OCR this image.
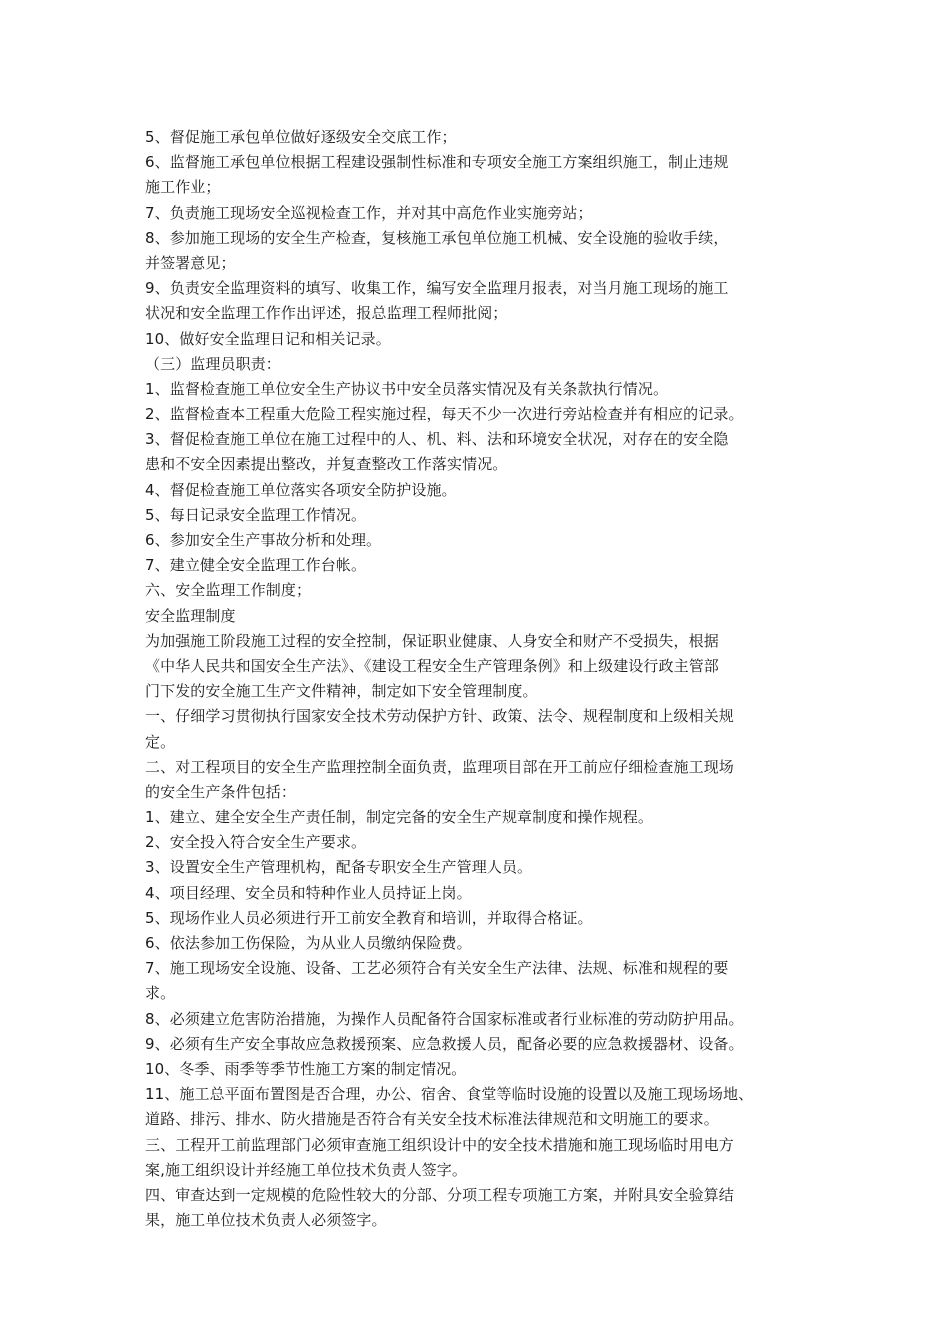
5、督促施工承包单位做好逐级安全交底工作；
6、监督施工承包单位根据工程建设强制性标准和专项安全施工方案组织施工，制止违规
施工作业；
7、负责施工现场安全巡视检查工作，并对其中高危作业实施旁站；
8、参加施工现场的安全生产检查，复核施工承包单位施工机械、安全设施的验收手续，
并签署意见；
9、负责安全监理资料的填写、收集工作，编写安全监理月报表，对当月施工现场的施工
状况和安全监理工作作出评述，报总监理工程师批阅；
10、做好安全监理日记和相关记录。
（三）监理员职责：
1、监督检查施工单位安全生产协议书中安全员落实情况及有关条款执行情况。
2、监督检查本工程重大危险工程实施过程，每天不少一次进行旁站检查并有相应的记录。
3、督促检查施工单位在施工过程中的人、机、料、法和环境安全状况，对存在的安全隐
患和不安全因素提出整改，并复查整改工作落实情况。
4、督促检查施工单位落实各项安全防护设施。
5、每日记录安全监理工作情况。
6、参加安全生产事故分析和处理。
7、建立健全安全监理工作台帐。
六、安全监理工作制度；
安全监理制度
为加强施工阶段施工过程的安全控制，保证职业健康、人身安全和财产不受损失，根据
《中华人民共和国安全生产法》、《建设工程安全生产管理条例》和上级建设行政主管部
门下发的安全施工生产文件精神，制定如下安全管理制度。
一、仔细学习贯彻执行国家安全技术劳动保护方针、政策、法令、规程制度和上级相关规
定。
二、对工程项目的安全生产监理控制全面负责，监理项目部在开工前应仔细检查施工现场
的安全生产条件包括：
1、建立、建全安全生产责任制，制定完备的安全生产规章制度和操作规程。
2、安全投入符合安全生产要求。
3、设置安全生产管理机构，配备专职安全生产管理人员。
4、项目经理、安全员和特种作业人员持证上岗。
5、现场作业人员必须进行开工前安全教育和培训，并取得合格证。
6、依法参加工伤保险，为从业人员缴纳保险费。
7、施工现场安全设施、设备、工艺必须符合有关安全生产法律、法规、标准和规程的要
求。
8、必须建立危害防治措施，为操作人员配备符合国家标准或者行业标准的劳动防护用品。
9、必须有生产安全事故应急救援预案、应急救援人员，配备必要的应急救援器材、设备。
10、冬季、雨季等季节性施工方案的制定情况。
11、施工总平面布置图是否合理，办公、宿舍、食堂等临时设施的设置以及施工现场场地、
道路、排污、排水、防火措施是否符合有关安全技术标准法律规范和文明施工的要求。
三、工程开工前监理部门必须审查施工组织设计中的安全技术措施和施工现场临时用电方
案,施工组织设计并经施工单位技术负责人签字。
四、审查达到一定规模的危险性较大的分部、分项工程专项施工方案，并附具安全验算结
果，施工单位技术负责人必须签字。
